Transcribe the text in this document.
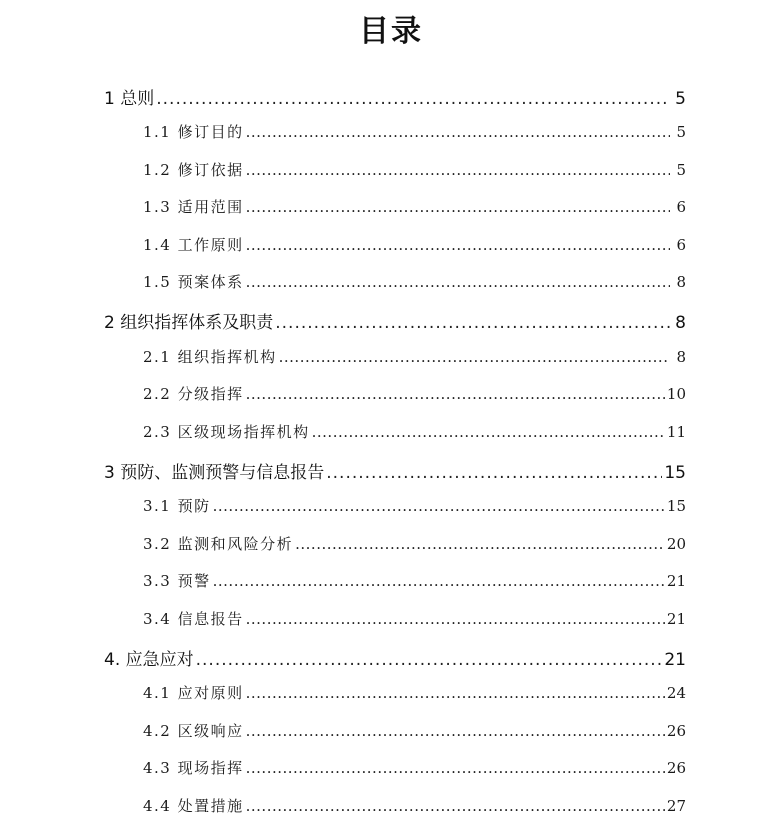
目录
1 总则 .....	5
1.1 修订目的 .....	5
1.2 修订依据 .....	5
1.3 适用范围 .....	6
1.4 工作原则 .....	6
1.5 预案体系 .....	8
2 组织指挥体系及职责 .....	8
2.1 组织指挥机构 .....	8
2.2 分级指挥 .....	10
2.3 区级现场指挥机构 .....	11
3 预防、监测预警与信息报告 .....	15
3.1 预防 .....	15
3.2 监测和风险分析 .....	20
3.3 预警 .....	21
3.4 信息报告 .....	21
4. 应急应对 .....	21
4.1 应对原则 .....	24
4.2 区级响应 .....	26
4.3 现场指挥 .....	26
4.4 处置措施 .....	27
